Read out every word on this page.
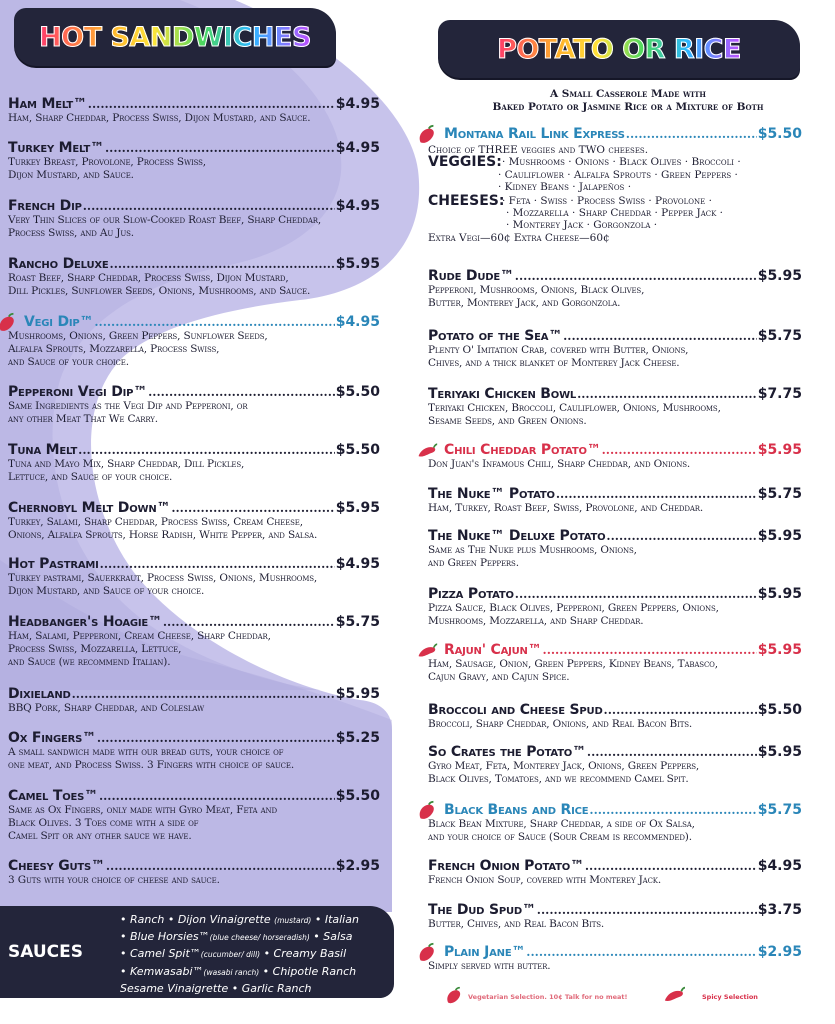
HOT SANDWICHES
Ham Melt™ .....	$4.95
Ham, Sharp Cheddar, Process Swiss, Dijon Mustard, and Sauce.
Turkey Melt™ .....	$4.95
Turkey Breast, Provolone, Process Swiss,
Dijon Mustard, and Sauce.
French Dip .....	$4.95
Very Thin Slices of our Slow-Cooked Roast Beef, Sharp Cheddar,
Process Swiss, and Au Jus.
Rancho Deluxe .....	$5.95
Roast Beef, Sharp Cheddar, Process Swiss, Dijon Mustard,
Dill Pickles, Sunflower Seeds, Onions, Mushrooms, and Sauce.
Vegi Dip™ .....	$4.95
Mushrooms, Onions, Green Peppers, Sunflower Seeds,
Alfalfa Sprouts, Mozzarella, Process Swiss,
and Sauce of your choice.
Pepperoni Vegi Dip™ .....	$5.50
Same Ingredients as the Vegi Dip and Pepperoni, or
any other Meat That We Carry.
Tuna Melt .....	$5.50
Tuna and Mayo Mix, Sharp Cheddar, Dill Pickles,
Lettuce, and Sauce of your choice.
Chernobyl Melt Down™ .....	$5.95
Turkey, Salami, Sharp Cheddar, Process Swiss, Cream Cheese,
Onions, Alfalfa Sprouts, Horse Radish, White Pepper, and Salsa.
Hot Pastrami .....	$4.95
Turkey pastrami, Sauerkraut, Process Swiss, Onions, Mushrooms,
Dijon Mustard, and Sauce of your choice.
Headbanger's Hoagie™ .....	$5.75
Ham, Salami, Pepperoni, Cream Cheese, Sharp Cheddar,
Process Swiss, Mozzarella, Lettuce,
and Sauce (we recommend Italian).
Dixieland .....	$5.95
BBQ Pork, Sharp Cheddar, and Coleslaw
Ox Fingers™ .....	$5.25
A small sandwich made with our bread guts, your choice of
one meat, and Process Swiss. 3 Fingers with choice of sauce.
Camel Toes™ .....	$5.50
Same as Ox Fingers, only made with Gyro Meat, Feta and
Black Olives. 3 Toes come with a side of
Camel Spit or any other sauce we have.
Cheesy Guts™ .....	$2.95
3 Guts with your choice of cheese and sauce.
POTATO OR RICE
A Small Casserole Made with
Baked Potato or Jasmine Rice or a Mixture of Both
Montana Rail Link Express .....	$5.50
Choice of THREE veggies and TWO cheeses.
VEGGIES: · Mushrooms · Onions · Black Olives · Broccoli ·
· Cauliflower · Alfalfa Sprouts · Green Peppers ·
· Kidney Beans · Jalapeños ·
CHEESES:
· Feta · Swiss · Process Swiss · Provolone ·
· Mozzarella · Sharp Cheddar · Pepper Jack ·
· Monterey Jack · Gorgonzola ·
Extra Vegi—60¢ Extra Cheese—60¢
Rude Dude™ .....	$5.95
Pepperoni, Mushrooms, Onions, Black Olives,
Butter, Monterey Jack, and Gorgonzola.
Potato of the Sea™ .....	$5.75
Plenty O' Imitation Crab, covered with Butter, Onions,
Chives, and a thick blanket of Monterey Jack Cheese.
Teriyaki Chicken Bowl .....	$7.75
Teriyaki Chicken, Broccoli, Cauliflower, Onions, Mushrooms,
Sesame Seeds, and Green Onions.
Chili Cheddar Potato™ .....	$5.95
Don Juan's Infamous Chili, Sharp Cheddar, and Onions.
The Nuke™ Potato .....	$5.75
Ham, Turkey, Roast Beef, Swiss, Provolone, and Cheddar.
The Nuke™ Deluxe Potato .....	$5.95
Same as The Nuke plus Mushrooms, Onions,
and Green Peppers.
Pizza Potato .....	$5.95
Pizza Sauce, Black Olives, Pepperoni, Green Peppers, Onions,
Mushrooms, Mozzarella, and Sharp Cheddar.
Rajun' Cajun™ .....	$5.95
Ham, Sausage, Onion, Green Peppers, Kidney Beans, Tabasco,
Cajun Gravy, and Cajun Spice.
Broccoli and Cheese Spud .....	$5.50
Broccoli, Sharp Cheddar, Onions, and Real Bacon Bits.
So Crates the Potato™ .....	$5.95
Gyro Meat, Feta, Monterey Jack, Onions, Green Peppers,
Black Olives, Tomatoes, and we recommend Camel Spit.
Black Beans and Rice .....	$5.75
Black Bean Mixture, Sharp Cheddar, a side of Ox Salsa,
and your choice of Sauce (Sour Cream is recommended).
French Onion Potato™ .....	$4.95
French Onion Soup, covered with Monterey Jack.
The Dud Spud™ .....	$3.75
Butter, Chives, and Real Bacon Bits.
Plain Jane™ .....	$2.95
Simply served with butter.
SAUCES
• Ranch • Dijon Vinaigrette (mustard) • Italian
• Blue Horsies™(blue cheese/ horseradish) • Salsa
• Camel Spit™(cucumber/ dill) • Creamy Basil
• Kemwasabi™(wasabi ranch) • Chipotle Ranch
Sesame Vinaigrette • Garlic Ranch
Vegetarian Selection. 10¢ Talk for no meat!	Spicy Selection
